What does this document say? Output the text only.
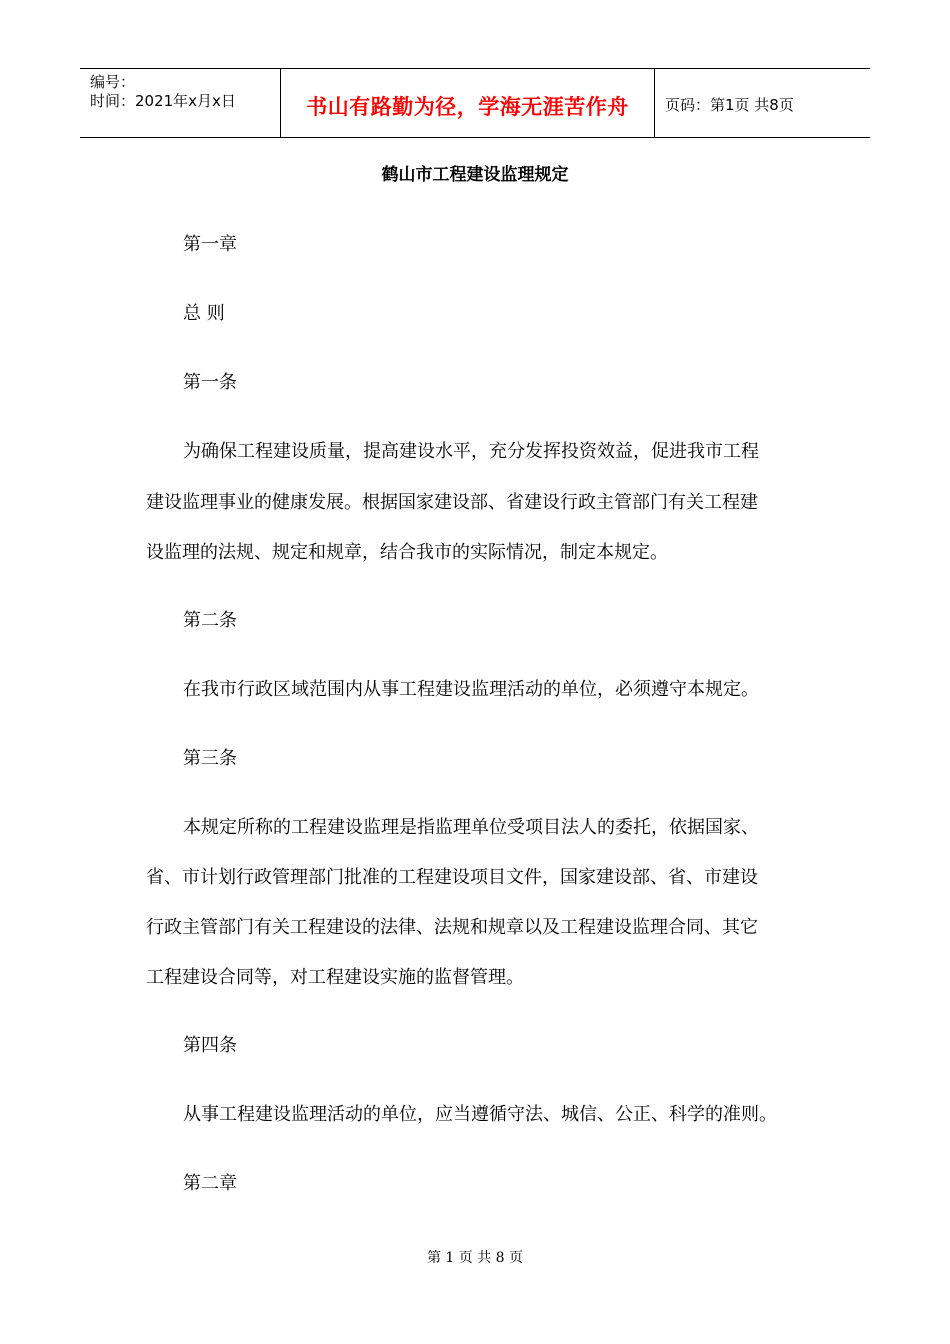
编号：
时间：2021年x月x日	书山有路勤为径，学海无涯苦作舟	页码：第1页 共8页
鹤山市工程建设监理规定
第一章
总 则
第一条
为确保工程建设质量，提高建设水平，充分发挥投资效益，促进我市工程
建设监理事业的健康发展。根据国家建设部、省建设行政主管部门有关工程建
设监理的法规、规定和规章，结合我市的实际情况，制定本规定。
第二条
在我市行政区域范围内从事工程建设监理活动的单位，必须遵守本规定。
第三条
本规定所称的工程建设监理是指监理单位受项目法人的委托，依据国家、
省、市计划行政管理部门批准的工程建设项目文件，国家建设部、省、市建设
行政主管部门有关工程建设的法律、法规和规章以及工程建设监理合同、其它
工程建设合同等，对工程建设实施的监督管理。
第四条
从事工程建设监理活动的单位，应当遵循守法、城信、公正、科学的准则。
第二章
第 1 页 共 8 页
